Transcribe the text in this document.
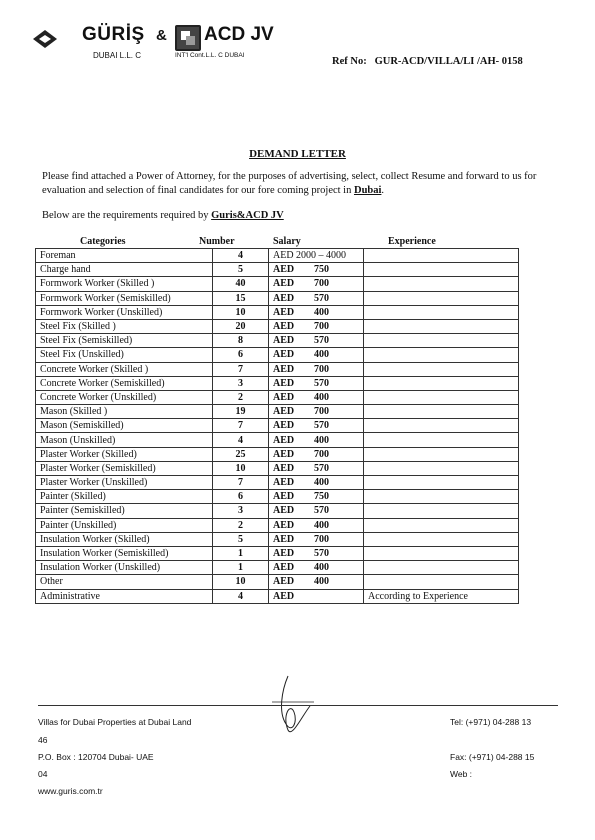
GÜRİŞ & ACD JV
DUBAI L.L. C	INT'l Cont.L.L. C DUBAI
Ref No: GUR-ACD/VILLA/LI /AH- 0158
DEMAND LETTER
Please find attached a Power of Attorney, for the purposes of advertising, select, collect Resume and forward to us for evaluation and selection of final candidates for our fore coming project in Dubai.
Below are the requirements required by Guris&ACD JV
Categories	Number	Salary	Experience
Foreman	4	AED 2000 – 4000	
Charge hand	5	AED 750	
Formwork Worker (Skilled )	40	AED 700	
Formwork Worker (Semiskilled)	15	AED 570	
Formwork Worker (Unskilled)	10	AED 400	
Steel Fix (Skilled )	20	AED 700	
Steel Fix (Semiskilled)	8	AED 570	
Steel Fix (Unskilled)	6	AED 400	
Concrete Worker (Skilled )	7	AED 700	
Concrete Worker (Semiskilled)	3	AED 570	
Concrete Worker (Unskilled)	2	AED 400	
Mason (Skilled )	19	AED 700	
Mason (Semiskilled)	7	AED 570	
Mason (Unskilled)	4	AED 400	
Plaster Worker (Skilled)	25	AED 700	
Plaster Worker (Semiskilled)	10	AED 570	
Plaster Worker (Unskilled)	7	AED 400	
Painter (Skilled)	6	AED 750	
Painter (Semiskilled)	3	AED 570	
Painter (Unskilled)	2	AED 400	
Insulation Worker (Skilled)	5	AED 700	
Insulation Worker (Semiskilled)	1	AED 570	
Insulation Worker (Unskilled)	1	AED 400	
Other	10	AED 400	
Administrative	4	AED	According to Experience
Villas for Dubai Properties at Dubai Land
46
P.O. Box : 120704 Dubai- UAE
04
www.guris.com.tr
Tel: (+971) 04-288 13
Fax: (+971) 04-288 15
Web :
